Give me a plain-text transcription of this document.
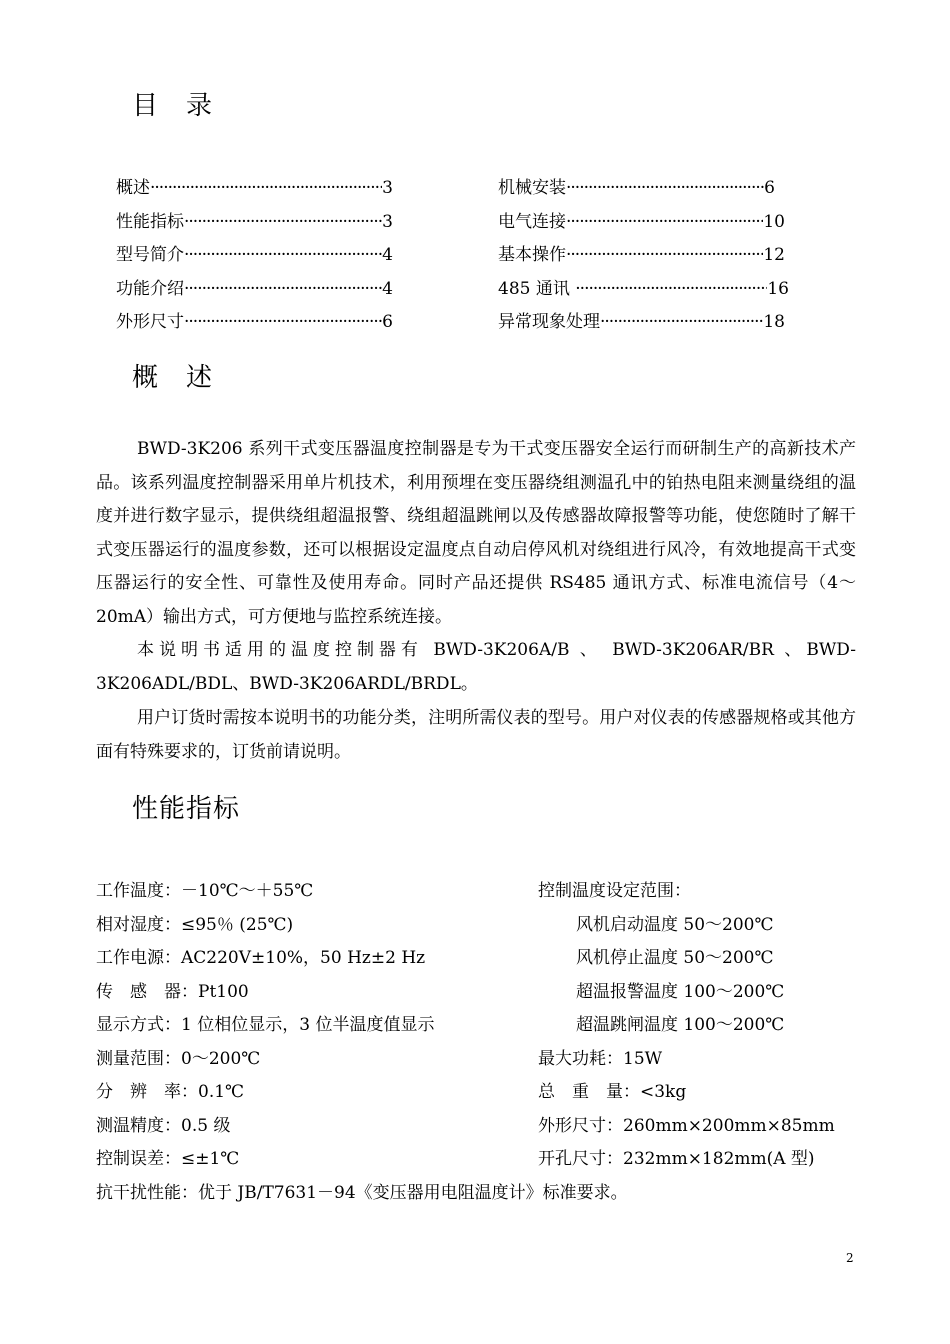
目　录
概述 ·····	3
性能指标 ·····	3
型号简介 ·····	4
功能介绍 ·····	4
外形尺寸 ·····	6
机械安装 ·····	6
电气连接 ·····	10
基本操作 ·····	12
485 通讯 ·····	16
异常现象处理 ·····	18
概　述

BWD-3K206 系列干式变压器温度控制器是专为干式变压器安全运行而研制生产的高新技术产品。该系列温度控制器采用单片机技术，利用预埋在变压器绕组测温孔中的铂热电阻来测量绕组的温度并进行数字显示，提供绕组超温报警、绕组超温跳闸以及传感器故障报警等功能，使您随时了解干式变压器运行的温度参数，还可以根据设定温度点自动启停风机对绕组进行风冷，有效地提高干式变压器运行的安全性、可靠性及使用寿命。同时产品还提供 RS485 通讯方式、标准电流信号（4～20mA）输出方式，可方便地与监控系统连接。

本说明书适用的温度控制器有 BWD-3K206A/B 、 BWD-3K206AR/BR 、BWD-3K206ADL/BDL、BWD-3K206ARDL/BRDL。

用户订货时需按本说明书的功能分类，注明所需仪表的型号。用户对仪表的传感器规格或其他方面有特殊要求的，订货前请说明。

性能指标
工作温度：－10℃～＋55℃
相对湿度：≤95％ (25℃)
工作电源：AC220V±10%，50 Hz±2 Hz
传　感　器：Pt100
显示方式：1 位相位显示，3 位半温度值显示
测量范围：0～200℃
分　辨　率：0.1℃
测温精度：0.5 级
控制误差：≤±1℃
控制温度设定范围：
风机启动温度 50～200℃
风机停止温度 50～200℃
超温报警温度 100～200℃
超温跳闸温度 100～200℃
最大功耗：15W
总　重　量：<3kg
外形尺寸：260mm×200mm×85mm
开孔尺寸：232mm×182mm(A 型)
抗干扰性能：优于 JB/T7631－94《变压器用电阻温度计》标准要求。
2
